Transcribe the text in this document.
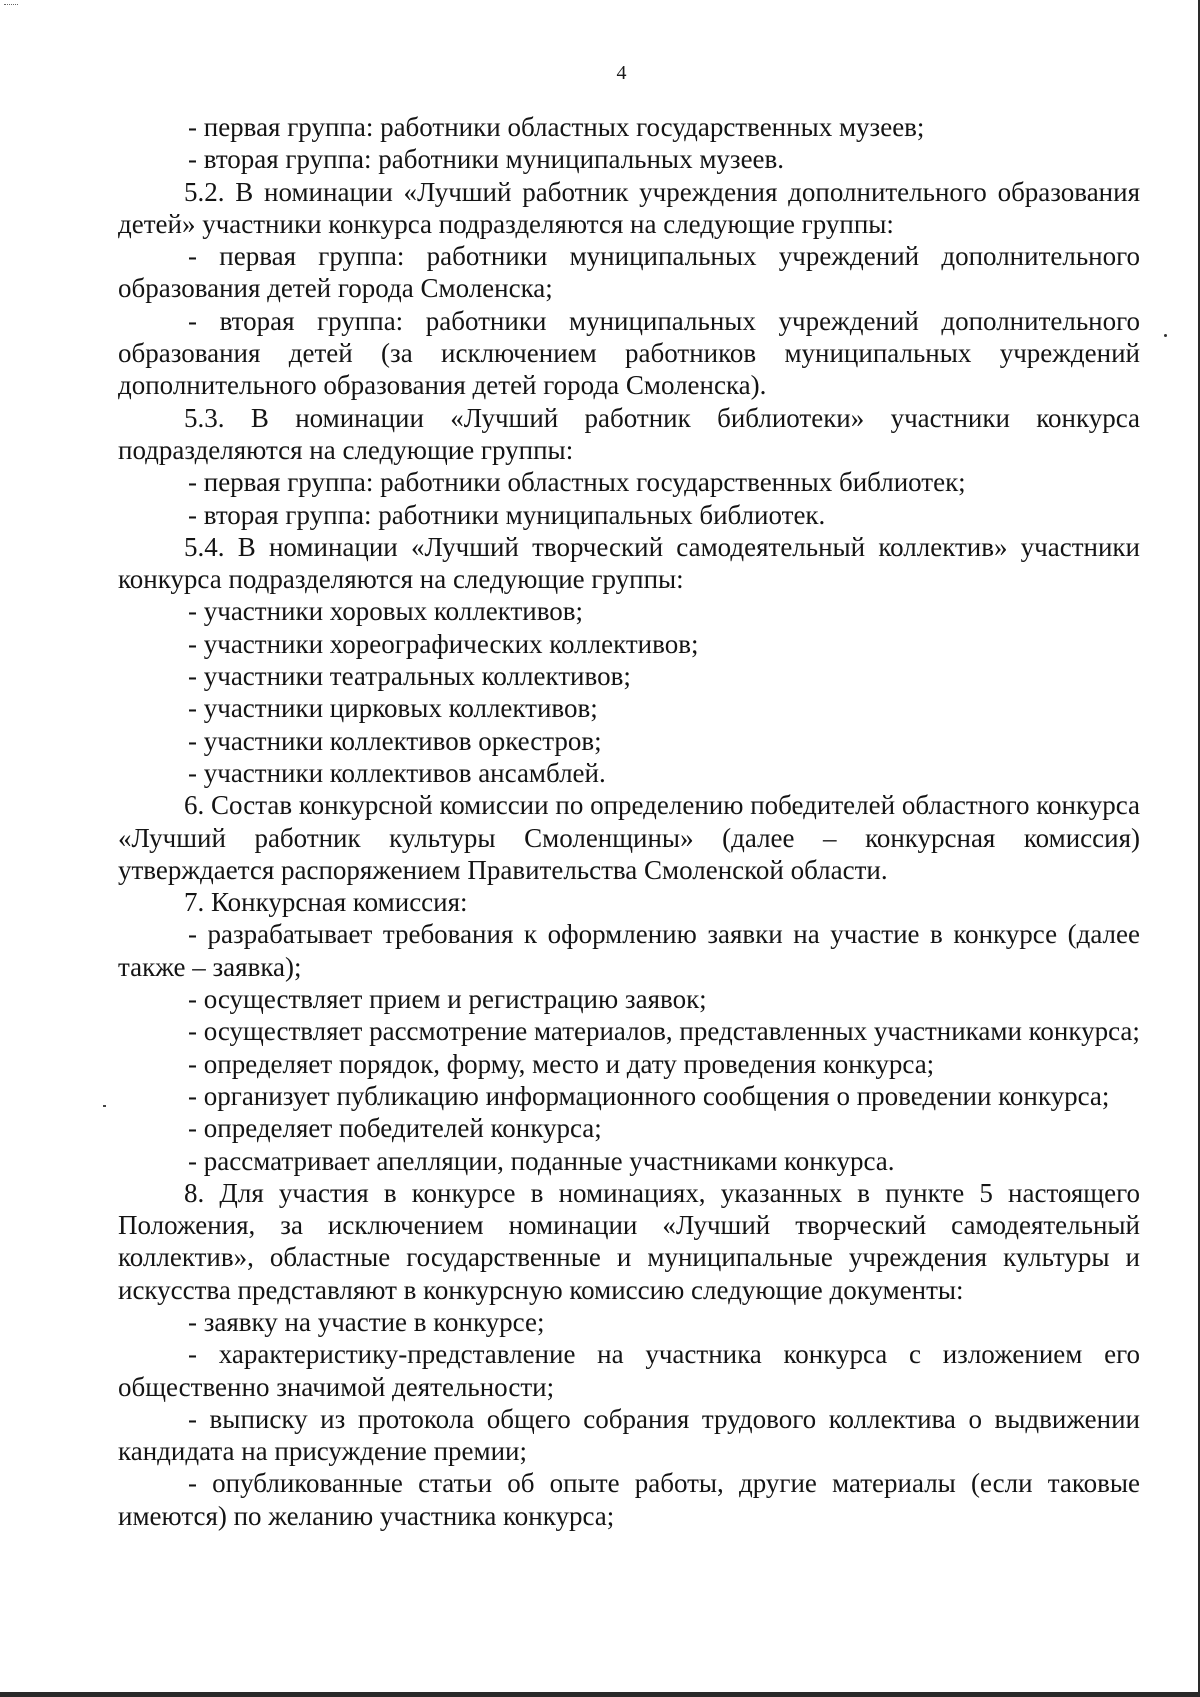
4

- первая группа: работники областных государственных музеев;

- вторая группа: работники муниципальных музеев.

5.2. В номинации «Лучший работник учреждения дополнительного образования детей» участники конкурса подразделяются на следующие группы:

- первая группа: работники муниципальных учреждений дополнительного образования детей города Смоленска;

- вторая группа: работники муниципальных учреждений дополнительного образования детей (за исключением работников муниципальных учреждений дополнительного образования детей города Смоленска).

5.3. В номинации «Лучший работник библиотеки» участники конкурса подразделяются на следующие группы:

- первая группа: работники областных государственных библиотек;

- вторая группа: работники муниципальных библиотек.

5.4. В номинации «Лучший творческий самодеятельный коллектив» участники конкурса подразделяются на следующие группы:

- участники хоровых коллективов;

- участники хореографических коллективов;

- участники театральных коллективов;

- участники цирковых коллективов;

- участники коллективов оркестров;

- участники коллективов ансамблей.

6. Состав конкурсной комиссии по определению победителей областного конкурса «Лучший работник культуры Смоленщины» (далее – конкурсная комиссия) утверждается распоряжением Правительства Смоленской области.

7. Конкурсная комиссия:

- разрабатывает требования к оформлению заявки на участие в конкурсе (далее также – заявка);

- осуществляет прием и регистрацию заявок;

- осуществляет рассмотрение материалов, представленных участниками конкурса;

- определяет порядок, форму, место и дату проведения конкурса;

- организует публикацию информационного сообщения о проведении конкурса;

- определяет победителей конкурса;

- рассматривает апелляции, поданные участниками конкурса.

8. Для участия в конкурсе в номинациях, указанных в пункте 5 настоящего Положения, за исключением номинации «Лучший творческий самодеятельный коллектив», областные государственные и муниципальные учреждения культуры и искусства представляют в конкурсную комиссию следующие документы:

- заявку на участие в конкурсе;

- характеристику-представление на участника конкурса с изложением его общественно значимой деятельности;

- выписку из протокола общего собрания трудового коллектива о выдвижении кандидата на присуждение премии;

- опубликованные статьи об опыте работы, другие материалы (если таковые имеются) по желанию участника конкурса;
